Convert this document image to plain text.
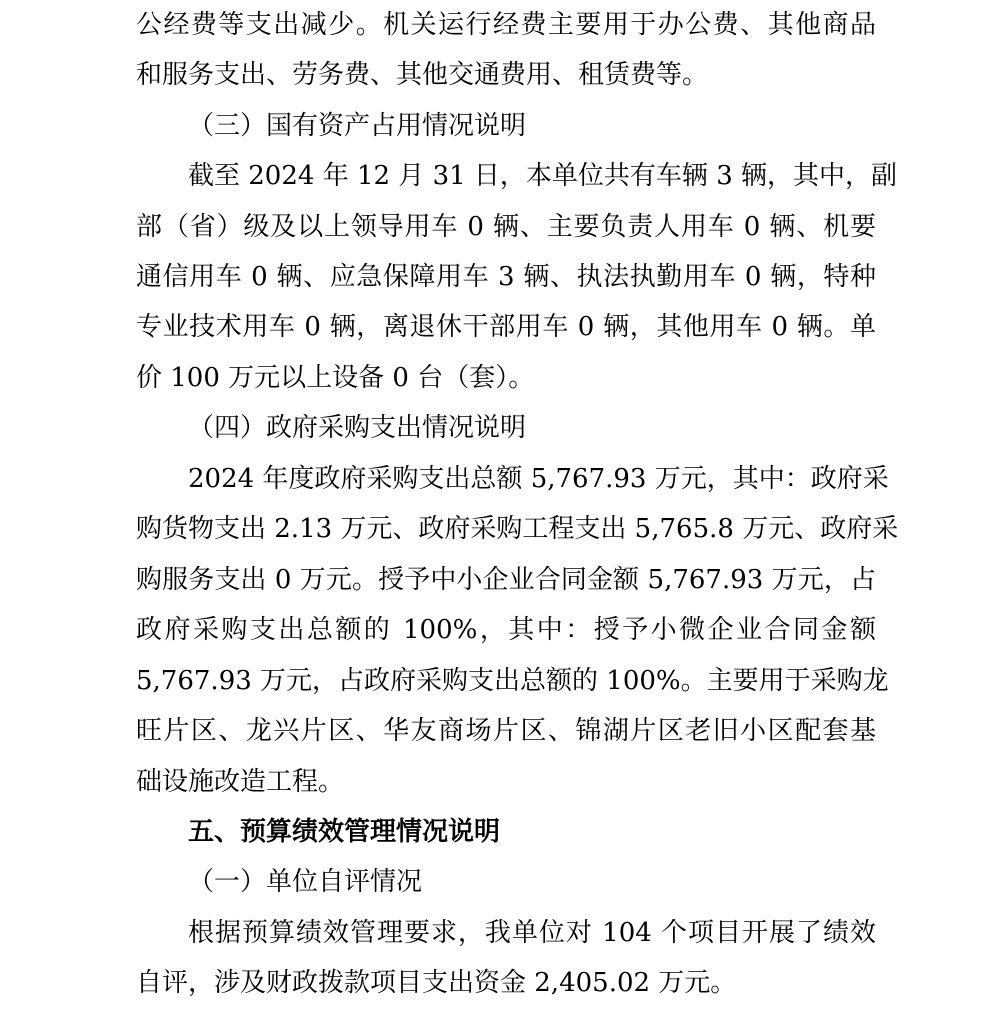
公经费等支出减少。机关运行经费主要用于办公费、其他商品
和服务支出、劳务费、其他交通费用、租赁费等。
（三）国有资产占用情况说明
截至 2024 年 12 月 31 日，本单位共有车辆 3 辆，其中，副
部（省）级及以上领导用车 0 辆、主要负责人用车 0 辆、机要
通信用车 0 辆、应急保障用车 3 辆、执法执勤用车 0 辆，特种
专业技术用车 0 辆，离退休干部用车 0 辆，其他用车 0 辆。单
价 100 万元以上设备 0 台（套）。
（四）政府采购支出情况说明
2024 年度政府采购支出总额 5,767.93 万元，其中：政府采
购货物支出 2.13 万元、政府采购工程支出 5,765.8 万元、政府采
购服务支出 0 万元。授予中小企业合同金额 5,767.93 万元，占
政府采购支出总额的 100%，其中：授予小微企业合同金额
5,767.93 万元，占政府采购支出总额的 100%。主要用于采购龙
旺片区、龙兴片区、华友商场片区、锦湖片区老旧小区配套基
础设施改造工程。
五、预算绩效管理情况说明
（一）单位自评情况
根据预算绩效管理要求，我单位对 104 个项目开展了绩效
自评，涉及财政拨款项目支出资金 2,405.02 万元。
